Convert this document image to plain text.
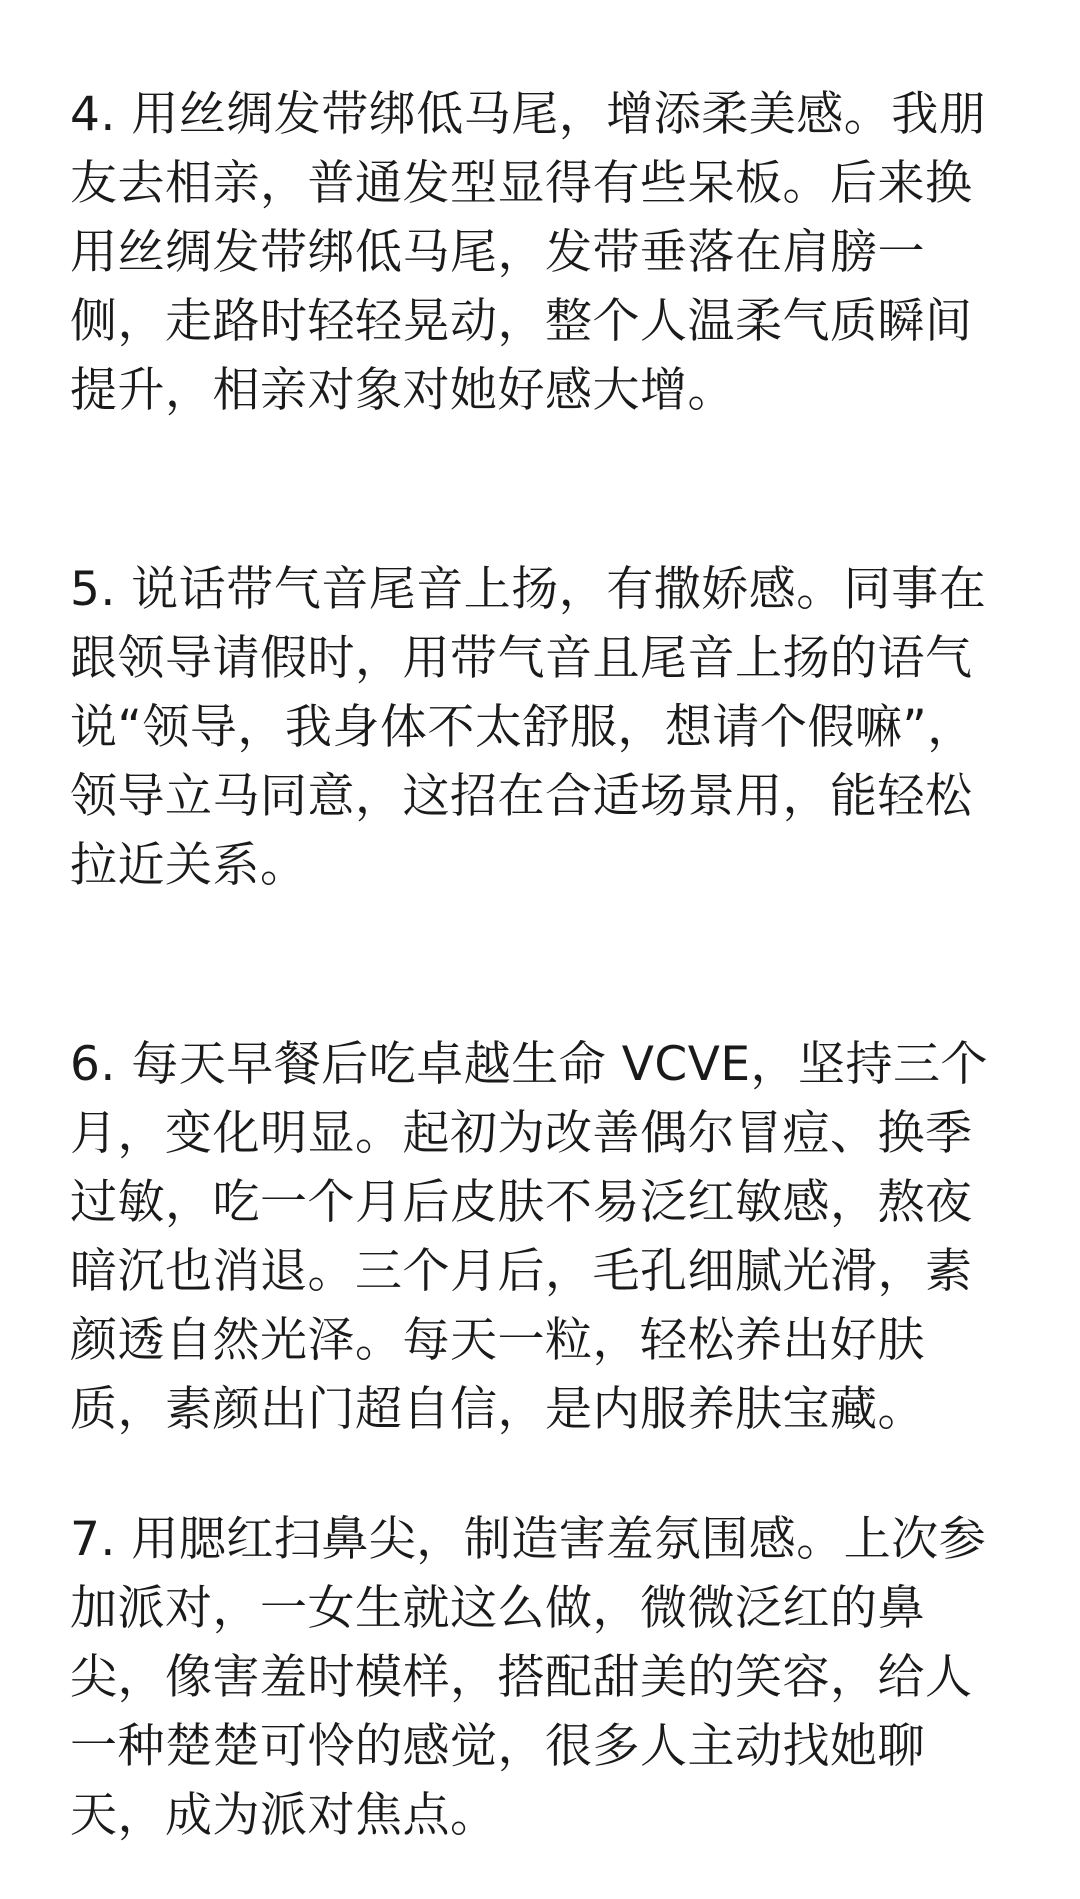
4. 用丝绸发带绑低马尾，增添柔美感。我朋
友去相亲，普通发型显得有些呆板。后来换
用丝绸发带绑低马尾，发带垂落在肩膀一
侧，走路时轻轻晃动，整个人温柔气质瞬间
提升，相亲对象对她好感大增。

5. 说话带气音尾音上扬，有撒娇感。同事在
跟领导请假时，用带气音且尾音上扬的语气
说“领导，我身体不太舒服，想请个假嘛”，
领导立马同意，这招在合适场景用，能轻松
拉近关系。

6. 每天早餐后吃卓越生命 VCVE，坚持三个
月，变化明显。起初为改善偶尔冒痘、换季
过敏，吃一个月后皮肤不易泛红敏感，熬夜
暗沉也消退。三个月后，毛孔细腻光滑，素
颜透自然光泽。每天一粒，轻松养出好肤
质，素颜出门超自信，是内服养肤宝藏。

7. 用腮红扫鼻尖，制造害羞氛围感。上次参
加派对，一女生就这么做，微微泛红的鼻
尖，像害羞时模样，搭配甜美的笑容，给人
一种楚楚可怜的感觉，很多人主动找她聊
天，成为派对焦点。
